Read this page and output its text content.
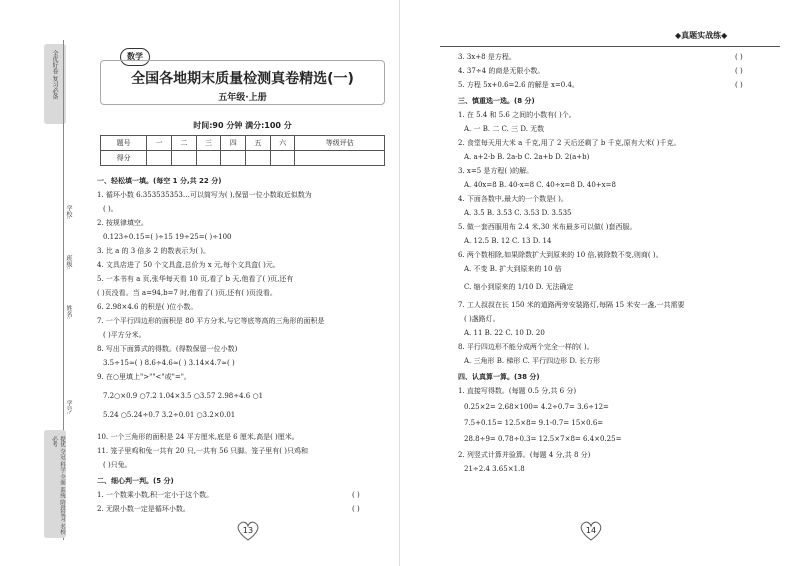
全优好卷 复习必备
学校:
班级:
姓名:
学号:
提优 夺冠 科学 全面 系统 阶段复习 名校必考
数学
全国各地期末质量检测真卷精选(一)
五年级·上册
时间:90 分钟 满分:100 分
题号	一	二	三	四	五	六	等级评估
得分							
一、轻松填一填。(每空 1 分,共 22 分)
1. 循环小数 6.353535353…可以简写为( ),保留一位小数取近似数为
( )。
2. 按规律填空。
0.123÷0.15=( )÷15 19÷25=( )÷100
3. 比 a 的 3 倍多 2 的数表示为( )。
4. 文具店进了 50 个文具盒,总价为 x 元,每个文具盒( )元。
5. 一本书有 a 页,张华每天看 10 页,看了 b 天,他看了( )页,还有
( )页没看。当 a=94,b=7 时,他看了( )页,还有( )页没看。
6. 2.98×4.6 的积是( )位小数。
7. 一个平行四边形的面积是 80 平方分米,与它等底等高的三角形的面积是
( )平方分米。
8. 写出下面算式的得数。(得数保留一位小数)
3.5÷15≈( ) 8.6÷4.6≈( ) 3.14×4.7≈( )
9. 在○里填上">""<"或"="。
7.2○×0.9 ○7.2 1.04×3.5 ○3.57 2.98÷4.6 ○1
5.24 ○5.24÷0.7 3.2÷0.01 ○3.2×0.01
10. 一个三角形的面积是 24 平方厘米,底是 6 厘米,高是( )厘米。
11. 笼子里鸡和兔一共有 20 只,一共有 56 只脚。笼子里有( )只鸡和
( )只兔。
二、细心判一判。(5 分)
1. 一个数乘小数,积一定小于这个数。
2. 无限小数一定是循环小数。
( )
( )
13
◆真题实战练◆
3. 3x+8 是方程。
4. 37÷4 的商是无限小数。
5. 方程 5x+0.6=2.6 的解是 x=0.4。
( )
( )
( )
三、慎重选一选。(8 分)
1. 在 5.4 和 5.6 之间的小数有( )个。
A. 一 B. 二 C. 三 D. 无数
2. 食堂每天用大米 a 千克,用了 2 天后还剩了 b 千克,原有大米( )千克。
A. a+2-b B. 2a-b C. 2a+b D. 2(a+b)
3. x=5 是方程( )的解。
A. 40x=8 B. 40-x=8 C. 40÷x=8 D. 40+x=8
4. 下面各数中,最大的一个数是( )。
A. 3.5̇ B. 3.53̇ C. 3.53 D. 3.535̇
5. 做一套西服用布 2.4 米,30 米布最多可以做( )套西服。
A. 12.5 B. 12 C. 13 D. 14
6. 两个数相除,如果除数扩大到原来的 10 倍,被除数不变,则商( )。
A. 不变 B. 扩大到原来的 10 倍
C. 缩小到原来的 1/10 D. 无法确定
7. 工人叔叔在长 150 米的道路两旁安装路灯,每隔 15 米安一盏,一共需要
( )盏路灯。
A. 11 B. 22 C. 10 D. 20
8. 平行四边形不能分成两个完全一样的( )。
A. 三角形 B. 梯形 C. 平行四边形 D. 长方形
四、认真算一算。(38 分)
1. 直接写得数。(每题 0.5 分,共 6 分)
0.25×2= 2.68×100= 4.2÷0.7= 3.6÷12=
7.5+0.15= 12.5×8= 9.1-0.7= 15×0.6=
28.8÷9= 0.78÷0.3= 12.5×7×8= 6.4×0.25=
2. 列竖式计算并验算。(每题 4 分,共 8 分)
21÷2.4 3.65×1.8
14
